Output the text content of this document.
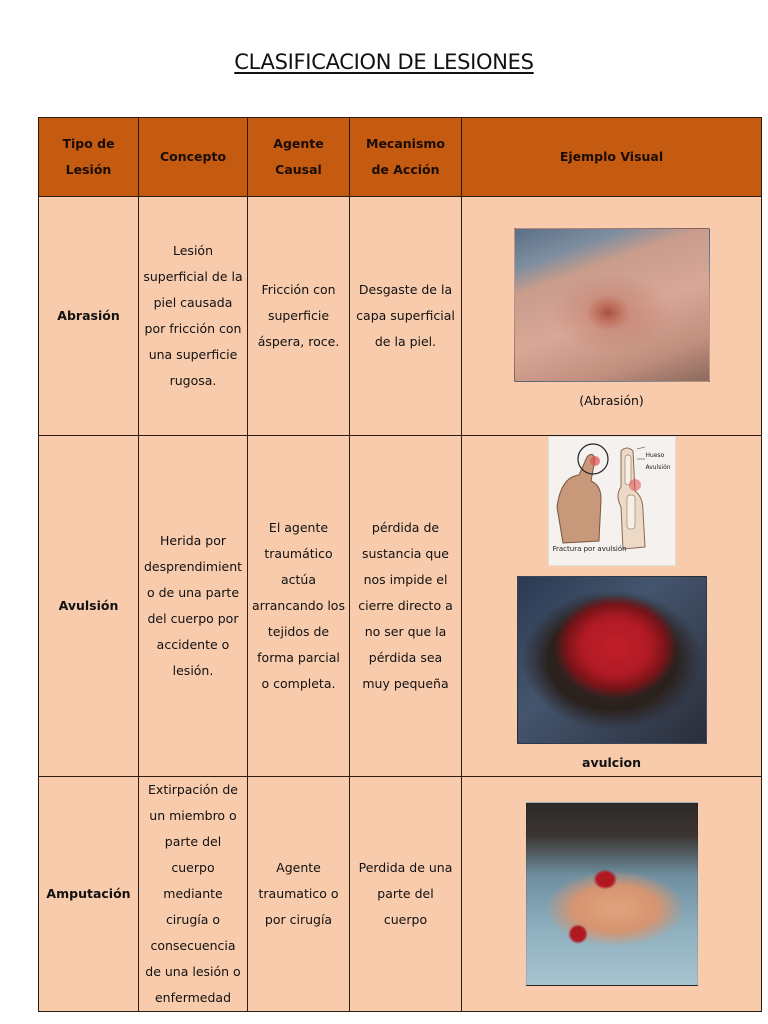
CLASIFICACION DE LESIONES
Tipo de Lesión	Concepto	Agente Causal	Mecanismo de Acción	Ejemplo Visual
Abrasión	Lesión superficial de la piel causada por fricción con una superficie rugosa.	Fricción con superficie áspera, roce.	Desgaste de la capa superficial de la piel.	(Abrasión)

Avulsión	Herida por desprendimient o de una parte del cuerpo por accidente o lesión.	El agente traumático actúa arrancando los tejidos de forma parcial o completa.	pérdida de sustancia que nos impide el cierre directo a no ser que la pérdida sea muy pequeña	Hueso
Avulsión
Fractura por avulsión
avulcion

Amputación	Extirpación de un miembro o parte del cuerpo mediante cirugía o consecuencia de una lesión o enfermedad	Agente traumatico o por cirugía	Perdida de una parte del cuerpo	
